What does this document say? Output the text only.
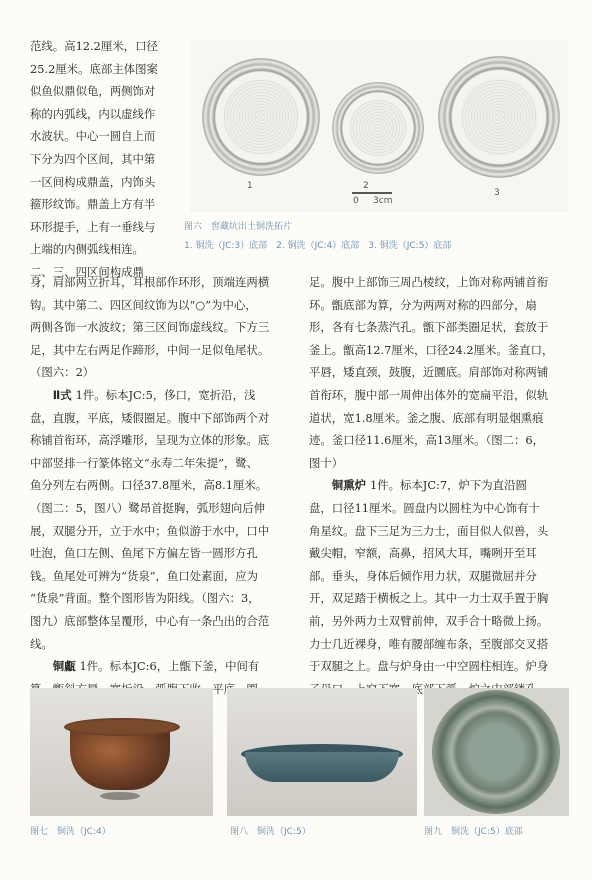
范线。高12.2厘米，口径
25.2厘米。底部主体图案
似鱼似鼎似龟，两侧饰对
称的内弧线，内以虚线作
水波状。中心一圆自上而
下分为四个区间，其中第
一区间构成鼎盖，内饰头
箍形纹饰。鼎盖上方有半
环形提手，上有一垂线与
上端的内侧弧线相连。
二、三、四区间构成鼎
1	2
3
0     3cm
图六　窖藏坑出土铜洗拓片
1. 铜洗（JC:3）底部　2. 铜洗（JC:4）底部　3. 铜洗（JC:5）底部
身，肩部两立折耳，耳根部作环形，顶端连两横
钩。其中第二、四区间纹饰为以“○”为中心，
两侧各饰一水波纹；第三区间饰虚线纹。下方三
足，其中左右两足作蹄形，中间一足似龟尾状。
（图六：2）
Ⅱ式 1件。标本JC:5，侈口，宽折沿，浅
盘，直腹，平底，矮假圈足。腹中下部饰两个对
称铺首衔环，高浮雕形，呈现为立体的形象。底
中部竖排一行篆体铭文“永寿二年朱提”，鹭、
鱼分列左右两侧。口径37.8厘米，高8.1厘米。
（图二：5，图八）鹭昂首挺胸，弧形翅向后伸
展，双腿分开，立于水中；鱼似游于水中，口中
吐泡，鱼口左侧、鱼尾下方偏左皆一圆形方孔
钱。鱼尾处可辨为“货泉”，鱼口处素面，应为
“货泉”背面。整个图形皆为阳线。（图六：3，
图九）底部整体呈覆形，中心有一条凸出的合范
线。
铜甗 1件。标本JC:6，上甑下釜，中间有
足。腹中上部饰三周凸棱纹，上饰对称两铺首衔
环。甑底部为算，分为两两对称的四部分，扇
形，各有七条蒸汽孔。甑下部类圈足状，套放于
釜上。甑高12.7厘米，口径24.2厘米。釜直口，
平唇，矮直颈，鼓腹，近圜底。肩部饰对称两铺
首衔环，腹中部一周伸出体外的宽扁平沿，似轨
道状，宽1.8厘米。釜之腹、底部有明显烟熏痕
迹。釜口径11.6厘米，高13厘米。（图二：6，
图十）
铜熏炉 1件。标本JC:7，炉下为直沿圆
盘，口径11厘米。圆盘内以圆柱为中心饰有十
角星纹。盘下三足为三力士，面目似人似兽，头
戴尖帽，窄额，高鼻，招风大耳，嘴咧开至耳
部。垂头，身体后倾作用力状，双腿微屈并分
开，双足踏于横板之上。其中一力士双手置于胸
前，另外两力士双臂前伸，双手合十略微上扬。
力士几近裸身，唯有腰部缠布条，至腹部交叉搭
于双腿之上。盘与炉身由一中空圆柱相连。炉身
图七　铜洗（JC:4）	图八　铜洗（JC:5）	图九　铜洗（JC:5）底部
